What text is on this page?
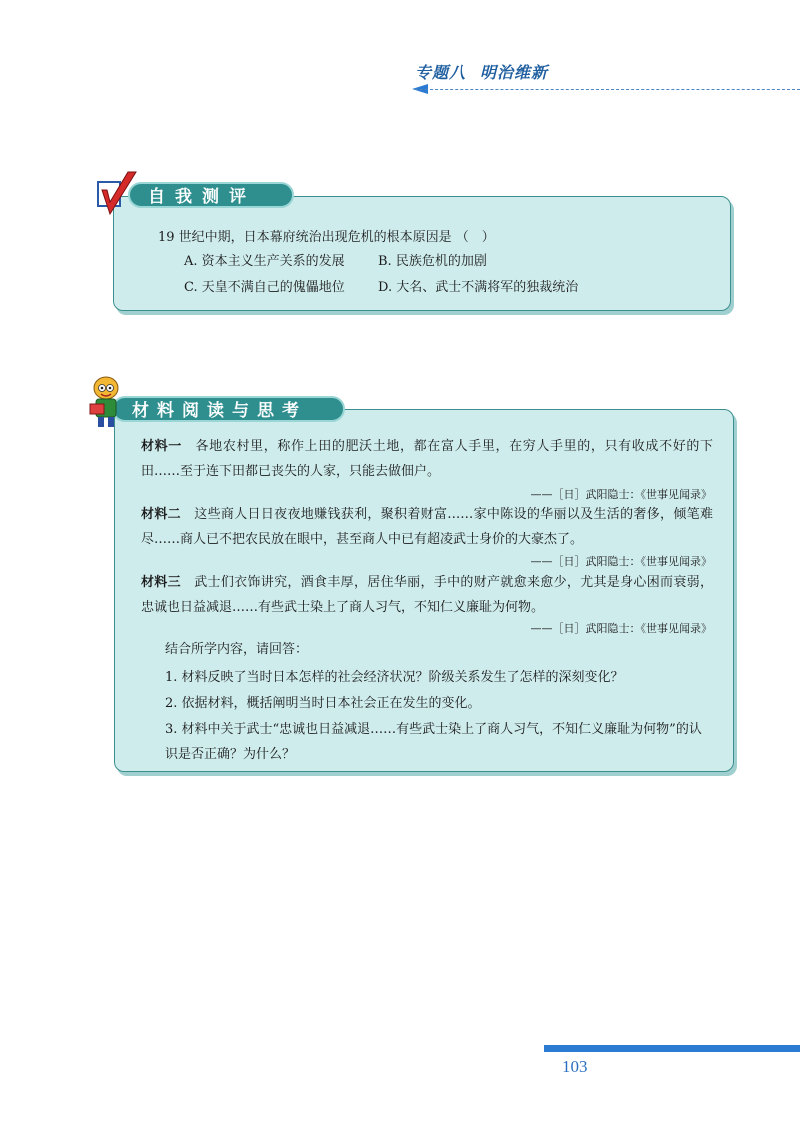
专题八 明治维新
自我测评
19 世纪中期，日本幕府统治出现危机的根本原因是 （　）
A. 资本主义生产关系的发展	B. 民族危机的加剧
C. 天皇不满自己的傀儡地位	D. 大名、武士不满将军的独裁统治
材料阅读与思考
材料一　 各地农村里，称作上田的肥沃土地，都在富人手里，在穷人手里的，只有收成不好的下田……至于连下田都已丧失的人家，只能去做佃户。
——［日］武阳隐士：《世事见闻录》
材料二　 这些商人日日夜夜地赚钱获利，聚积着财富……家中陈设的华丽以及生活的奢侈，倾笔难尽……商人已不把农民放在眼中，甚至商人中已有超凌武士身价的大豪杰了。
——［日］武阳隐士：《世事见闻录》
材料三　 武士们衣饰讲究，酒食丰厚，居住华丽，手中的财产就愈来愈少，尤其是身心困而衰弱，忠诚也日益减退……有些武士染上了商人习气，不知仁义廉耻为何物。
——［日］武阳隐士：《世事见闻录》
结合所学内容，请回答：
1. 材料反映了当时日本怎样的社会经济状况？阶级关系发生了怎样的深刻变化？
2. 依据材料，概括阐明当时日本社会正在发生的变化。
3. 材料中关于武士“忠诚也日益减退……有些武士染上了商人习气，不知仁义廉耻为何物”的认识是否正确？为什么？
103
